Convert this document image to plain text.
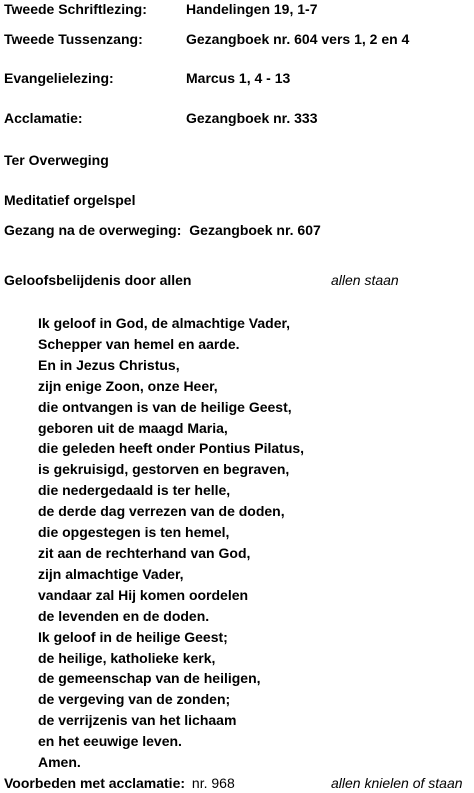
Tweede Schriftlezing:	Handelingen 19, 1-7
Tweede Tussenzang:	Gezangboek nr. 604 vers 1, 2 en 4
Evangelielezing:	Marcus 1, 4 - 13
Acclamatie:	Gezangboek nr. 333
Ter Overweging
Meditatief orgelspel
Gezang na de overweging: Gezangboek nr. 607
Geloofsbelijdenis door allen	allen staan
Ik geloof in God, de almachtige Vader,
Schepper van hemel en aarde.
En in Jezus Christus,
zijn enige Zoon, onze Heer,
die ontvangen is van de heilige Geest,
geboren uit de maagd Maria,
die geleden heeft onder Pontius Pilatus,
is gekruisigd, gestorven en begraven,
die nedergedaald is ter helle,
de derde dag verrezen van de doden,
die opgestegen is ten hemel,
zit aan de rechterhand van God,
zijn almachtige Vader,
vandaar zal Hij komen oordelen
de levenden en de doden.
Ik geloof in de heilige Geest;
de heilige, katholieke kerk,
de gemeenschap van de heiligen,
de vergeving van de zonden;
de verrijzenis van het lichaam
en het eeuwige leven.
Amen.
Voorbeden met acclamatie: nr. 968	allen knielen of staan
